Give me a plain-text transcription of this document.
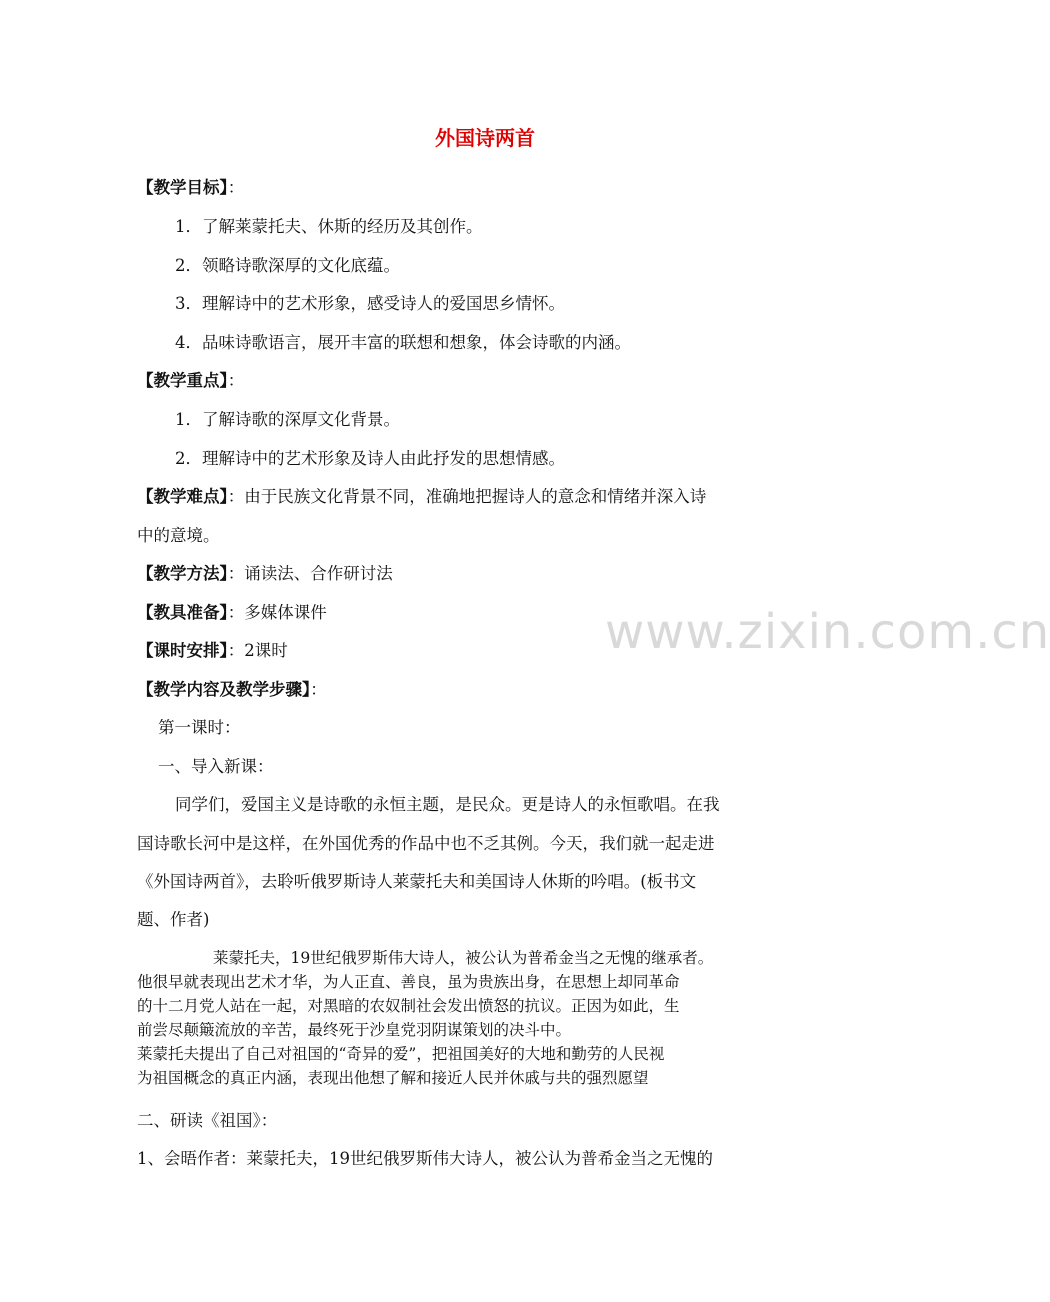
www.zixin.com.cn
外国诗两首
【教学目标】：
1．了解莱蒙托夫、休斯的经历及其创作。
2．领略诗歌深厚的文化底蕴。
3．理解诗中的艺术形象，感受诗人的爱国思乡情怀。
4．品味诗歌语言，展开丰富的联想和想象，体会诗歌的内涵。
【教学重点】：
1．了解诗歌的深厚文化背景。
2．理解诗中的艺术形象及诗人由此抒发的思想情感。
【教学难点】：由于民族文化背景不同，准确地把握诗人的意念和情绪并深入诗
中的意境。
【教学方法】：诵读法、合作研讨法
【教具准备】：多媒体课件
【课时安排】：2课时
【教学内容及教学步骤】：
第一课时：
一、导入新课：
同学们，爱国主义是诗歌的永恒主题，是民众。更是诗人的永恒歌唱。在我
国诗歌长河中是这样，在外国优秀的作品中也不乏其例。今天，我们就一起走进
《外国诗两首》，去聆听俄罗斯诗人莱蒙托夫和美国诗人休斯的吟唱。(板书文
题、作者)
莱蒙托夫，19世纪俄罗斯伟大诗人，被公认为普希金当之无愧的继承者。
他很早就表现出艺术才华，为人正直、善良，虽为贵族出身，在思想上却同革命
的十二月党人站在一起，对黑暗的农奴制社会发出愤怒的抗议。正因为如此，生
前尝尽颠簸流放的辛苦，最终死于沙皇党羽阴谋策划的决斗中。
莱蒙托夫提出了自己对祖国的“奇异的爱”，把祖国美好的大地和勤劳的人民视
为祖国概念的真正内涵，表现出他想了解和接近人民并休戚与共的强烈愿望
二、研读《祖国》：
1、会晤作者：莱蒙托夫，19世纪俄罗斯伟大诗人，被公认为普希金当之无愧的
